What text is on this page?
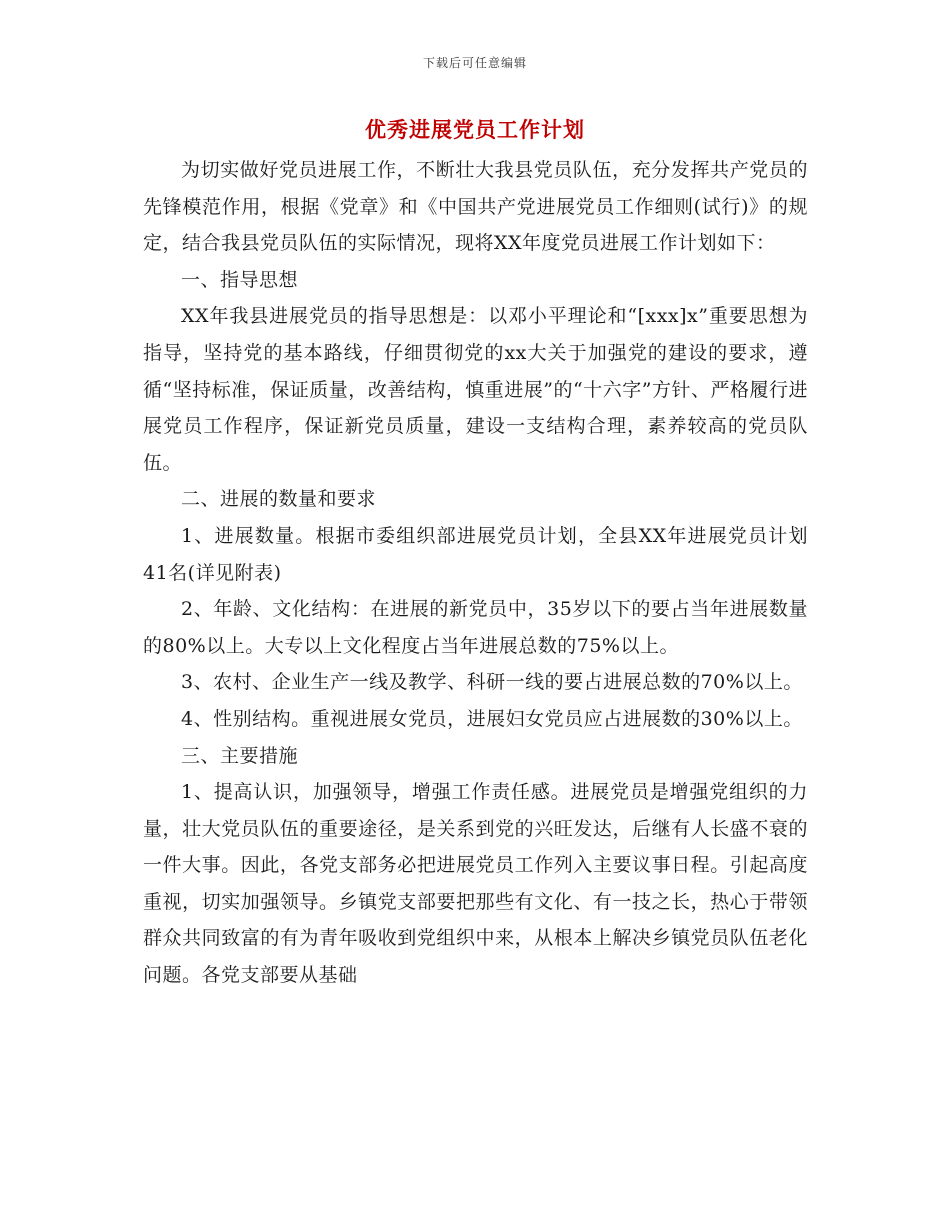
下载后可任意编辑
优秀进展党员工作计划

为切实做好党员进展工作，不断壮大我县党员队伍，充分发挥共产党员的先锋模范作用，根据《党章》和《中国共产党进展党员工作细则(试行)》的规定，结合我县党员队伍的实际情况，现将XX年度党员进展工作计划如下：

一、指导思想

XX年我县进展党员的指导思想是：以邓小平理论和“[xxx]x”重要思想为指导，坚持党的基本路线，仔细贯彻党的xx大关于加强党的建设的要求，遵循“坚持标准，保证质量，改善结构，慎重进展”的“十六字”方针、严格履行进展党员工作程序，保证新党员质量，建设一支结构合理，素养较高的党员队伍。

二、进展的数量和要求

1、进展数量。根据市委组织部进展党员计划，全县XX年进展党员计划41名(详见附表)

2、年龄、文化结构：在进展的新党员中，35岁以下的要占当年进展数量的80%以上。大专以上文化程度占当年进展总数的75%以上。

3、农村、企业生产一线及教学、科研一线的要占进展总数的70%以上。

4、性别结构。重视进展女党员，进展妇女党员应占进展数的30%以上。

三、主要措施

1、提高认识，加强领导，增强工作责任感。进展党员是增强党组织的力量，壮大党员队伍的重要途径，是关系到党的兴旺发达，后继有人长盛不衰的一件大事。因此，各党支部务必把进展党员工作列入主要议事日程。引起高度重视，切实加强领导。乡镇党支部要把那些有文化、有一技之长，热心于带领群众共同致富的有为青年吸收到党组织中来，从根本上解决乡镇党员队伍老化问题。各党支部要从基础
